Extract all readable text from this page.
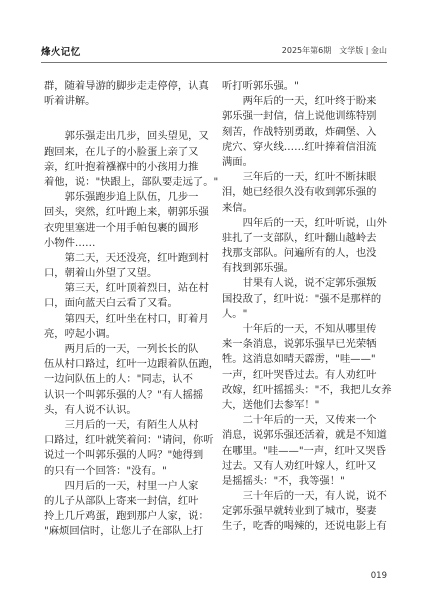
烽火记忆	2025年第6期　文学版 | 金山
群，随着导游的脚步走走停停，认真
听着讲解。
郭乐强走出几步，回头望见，又
跑回来，在儿子的小脸蛋上亲了又
亲，红叶抱着襁褓中的小孩用力推
着他，说："快跟上，部队要走远了。"
郭乐强跑步追上队伍，几步一
回头，突然，红叶跑上来，朝郭乐强
衣兜里塞进一个用手帕包裹的圆形
小物件……
第二天，天还没亮，红叶跑到村
口，朝着山外望了又望。
第三天，红叶顶着烈日，站在村
口，面向蓝天白云看了又看。
第四天，红叶坐在村口，盯着月
亮，哼起小调。
两月后的一天，一列长长的队
伍从村口路过，红叶一边跟着队伍跑，
一边问队伍上的人："同志，认不
认识一个叫郭乐强的人？"有人摇摇
头，有人说不认识。
三月后的一天，有陌生人从村
口路过，红叶就笑着问："请问，你听
说过一个叫郭乐强的人吗？"她得到
的只有一个回答："没有。"
四月后的一天，村里一户人家
的儿子从部队上寄来一封信，红叶
拎上几斤鸡蛋，跑到那户人家，说：
"麻烦回信时，让您儿子在部队上打
听打听郭乐强。"
两年后的一天，红叶终于盼来
郭乐强一封信，信上说他训练特别
刻苦，作战特别勇敢，炸碉堡、入
虎穴、穿火线……红叶捧着信泪流
满面。
三年后的一天，红叶不断抹眼
泪，她已经很久没有收到郭乐强的
来信。
四年后的一天，红叶听说，山外
驻扎了一支部队，红叶翻山越岭去
找那支部队。问遍所有的人，也没
有找到郭乐强。
甘果有人说，说不定郭乐强叛
国投敌了，红叶说："强不是那样的
人。"
十年后的一天，不知从哪里传
来一条消息，说郭乐强早已光荣牺
牲。这消息如晴天霹雳，"哇——"
一声，红叶哭昏过去。有人劝红叶
改嫁，红叶摇摇头："不，我把儿女养
大，送他们去参军！"
二十年后的一天，又传来一个
消息，说郭乐强还活着，就是不知道
在哪里。"哇——"一声，红叶又哭昏
过去。又有人劝红叶嫁人，红叶又
是摇摇头："不，我等强！"
三十年后的一天，有人说，说不
定郭乐强早就转业到了城市，娶妻
生子，吃香的喝辣的，还说电影上有
019
